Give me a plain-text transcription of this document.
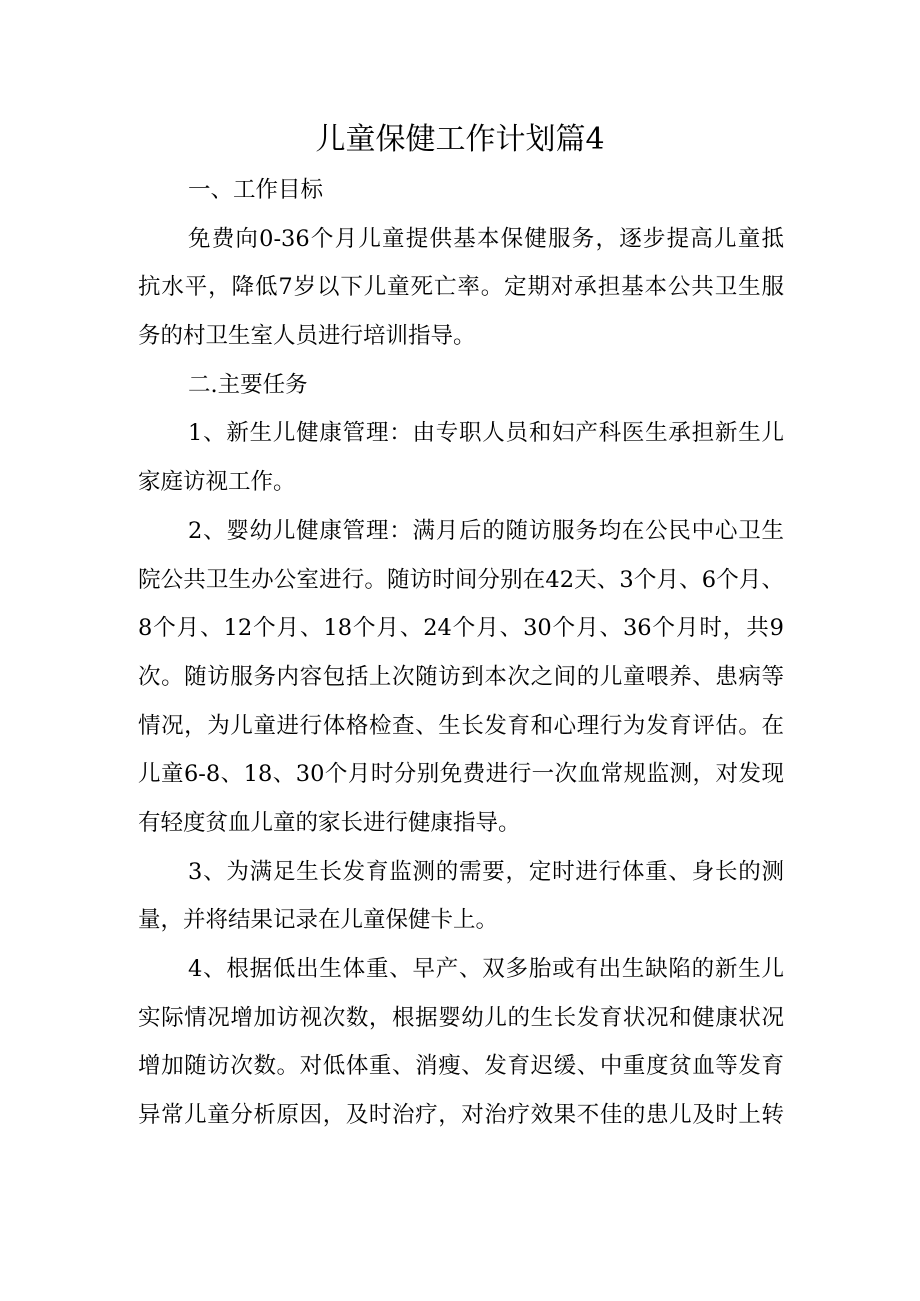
儿童保健工作计划篇4
一、工作目标
免费向0-36个月儿童提供基本保健服务，逐步提高儿童抵
抗水平，降低7岁以下儿童死亡率。定期对承担基本公共卫生服
务的村卫生室人员进行培训指导。
二.主要任务
1、新生儿健康管理：由专职人员和妇产科医生承担新生儿
家庭访视工作。
2、婴幼儿健康管理：满月后的随访服务均在公民中心卫生
院公共卫生办公室进行。随访时间分别在42天、3个月、6个月、
8个月、12个月、18个月、24个月、30个月、36个月时，共9
次。随访服务内容包括上次随访到本次之间的儿童喂养、患病等
情况，为儿童进行体格检查、生长发育和心理行为发育评估。在
儿童6-8、18、30个月时分别免费进行一次血常规监测，对发现
有轻度贫血儿童的家长进行健康指导。
3、为满足生长发育监测的需要，定时进行体重、身长的测
量，并将结果记录在儿童保健卡上。
4、根据低出生体重、早产、双多胎或有出生缺陷的新生儿
实际情况增加访视次数，根据婴幼儿的生长发育状况和健康状况
增加随访次数。对低体重、消瘦、发育迟缓、中重度贫血等发育
异常儿童分析原因，及时治疗，对治疗效果不佳的患儿及时上转
